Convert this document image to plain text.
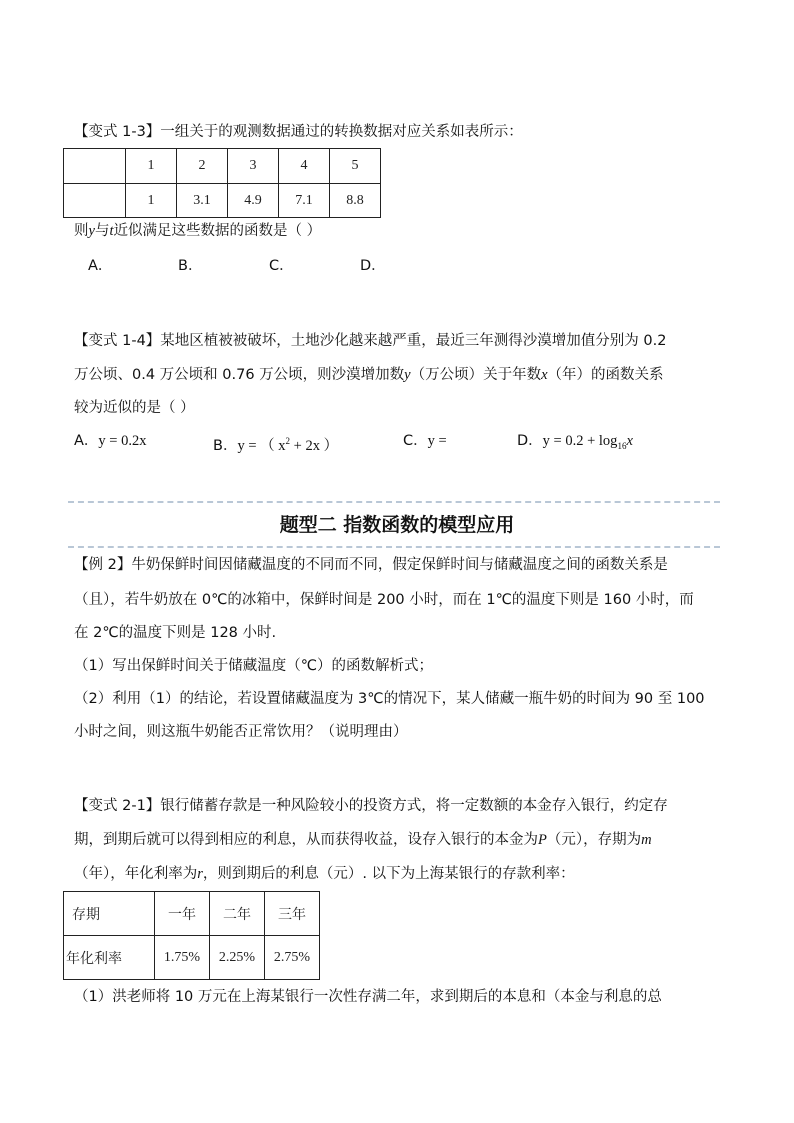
【变式 1-3】一组关于的观测数据通过的转换数据对应关系如表所示：
	1	2	3	4	5
	1	3.1	4.9	7.1	8.8
则y与t近似满足这些数据的函数是（ ）
A．	B．	C．	D．
【变式 1-4】某地区植被被破坏，土地沙化越来越严重，最近三年测得沙漠增加值分别为 0.2
万公顷、0.4 万公顷和 0.76 万公顷，则沙漠增加数y（万公顷）关于年数x（年）的函数关系
较为近似的是（ ）
A．y = 0.2x	B．y = （ $x^2 + 2x$ ）	C．y =	D．$y = 0.2 + \log_{16}x$
题型二 指数函数的模型应用
【例 2】牛奶保鲜时间因储藏温度的不同而不同，假定保鲜时间与储藏温度之间的函数关系是
（且），若牛奶放在 0℃的冰箱中，保鲜时间是 200 小时，而在 1℃的温度下则是 160 小时，而
在 2℃的温度下则是 128 小时.
（1）写出保鲜时间关于储藏温度（℃）的函数解析式；
（2）利用（1）的结论，若设置储藏温度为 3℃的情况下，某人储藏一瓶牛奶的时间为 90 至 100
小时之间，则这瓶牛奶能否正常饮用？（说明理由）
【变式 2-1】银行储蓄存款是一种风险较小的投资方式，将一定数额的本金存入银行，约定存
期，到期后就可以得到相应的利息，从而获得收益，设存入银行的本金为P（元），存期为m
（年），年化利率为r，则到期后的利息（元）. 以下为上海某银行的存款利率：
存期	一年	二年	三年
年化利率	1.75%	2.25%	2.75%
（1）洪老师将 10 万元在上海某银行一次性存满二年，求到期后的本息和（本金与利息的总
